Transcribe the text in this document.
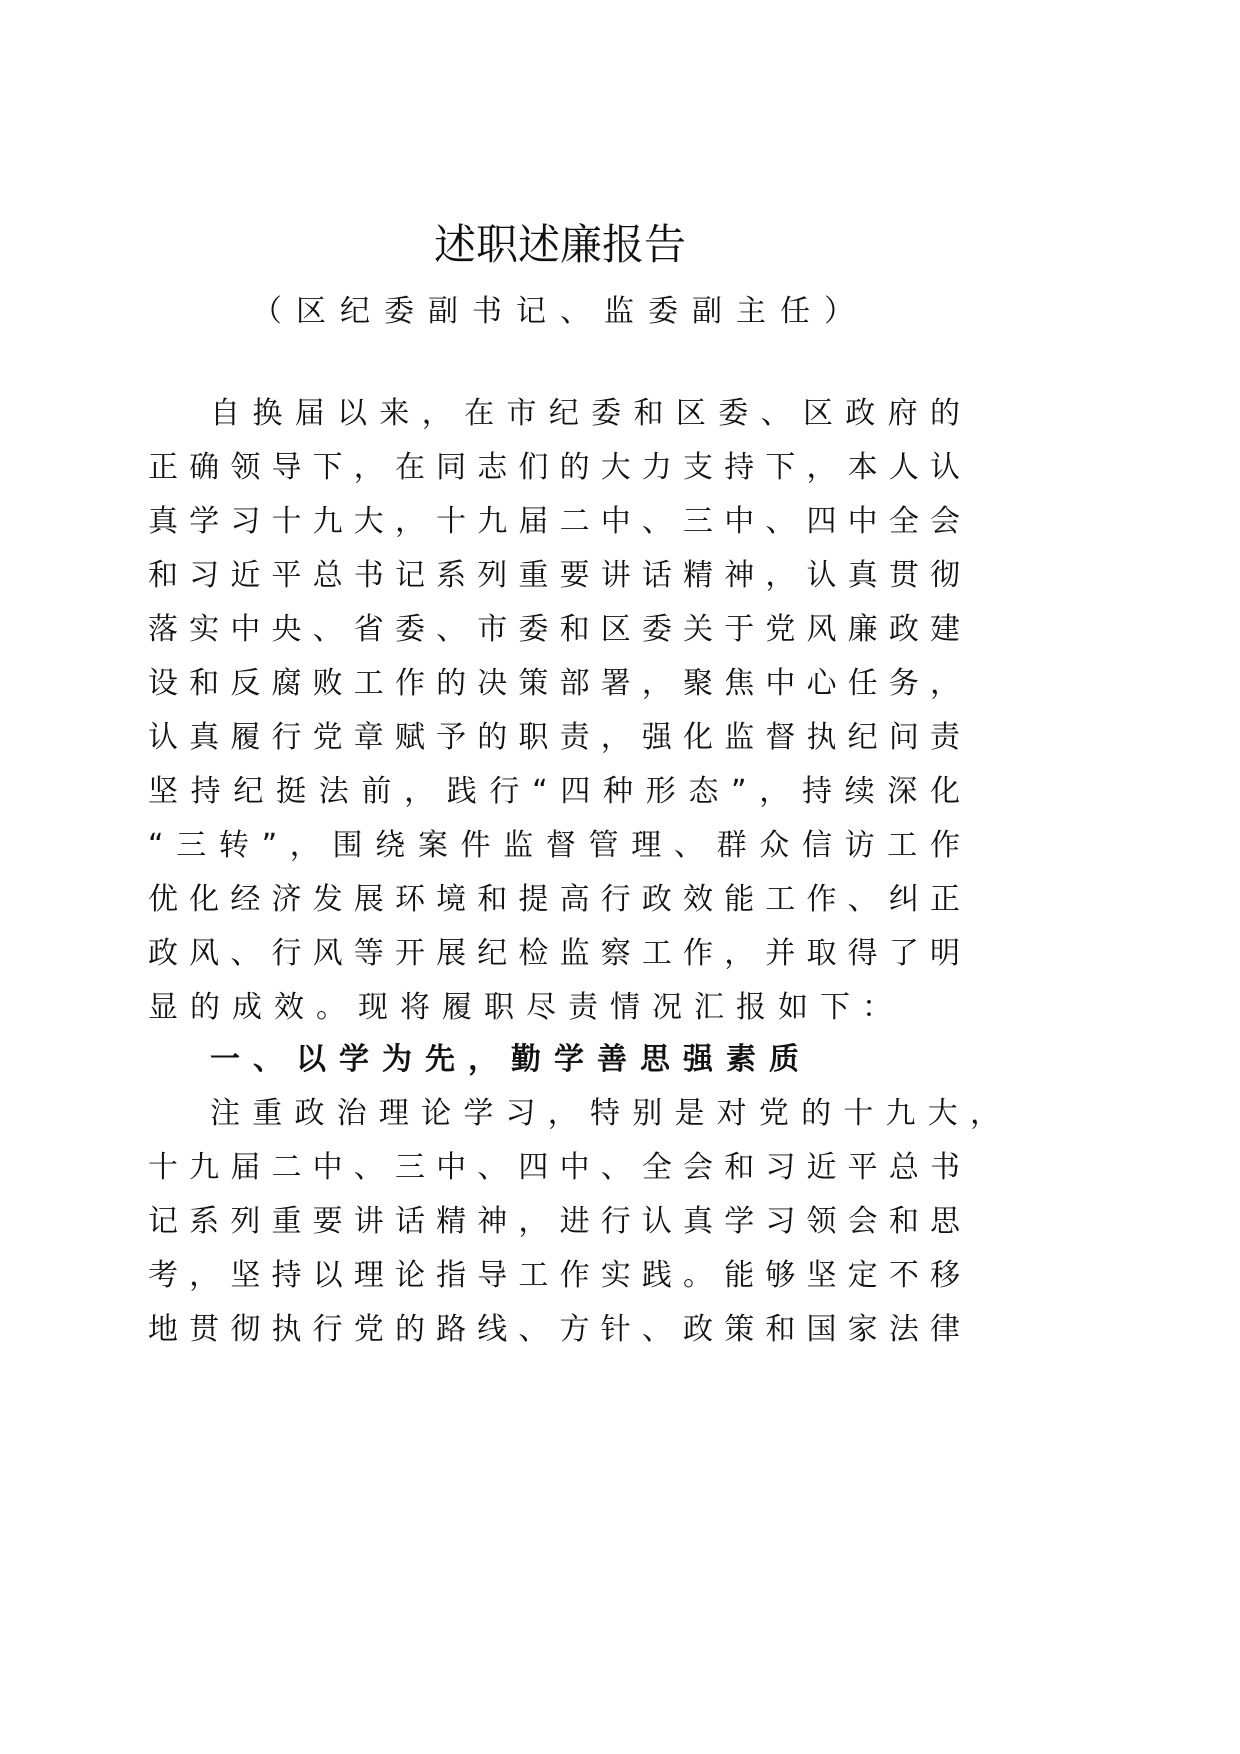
述职述廉报告
（区纪委副书记、监委副主任）
自换届以来，在市纪委和区委、区政府的
正确领导下，在同志们的大力支持下，本人认
真学习十九大，十九届二中、三中、四中全会
和习近平总书记系列重要讲话精神，认真贯彻
落实中央、省委、市委和区委关于党风廉政建
设和反腐败工作的决策部署，聚焦中心任务，
认真履行党章赋予的职责，强化监督执纪问责
坚持纪挺法前，践行“四种形态”，持续深化
“三转”，围绕案件监督管理、群众信访工作
优化经济发展环境和提高行政效能工作、纠正
政风、行风等开展纪检监察工作，并取得了明
显的成效。现将履职尽责情况汇报如下：
一、以学为先，勤学善思强素质
注重政治理论学习，特别是对党的十九大，
十九届二中、三中、四中、全会和习近平总书
记系列重要讲话精神，进行认真学习领会和思
考，坚持以理论指导工作实践。能够坚定不移
地贯彻执行党的路线、方针、政策和国家法律
